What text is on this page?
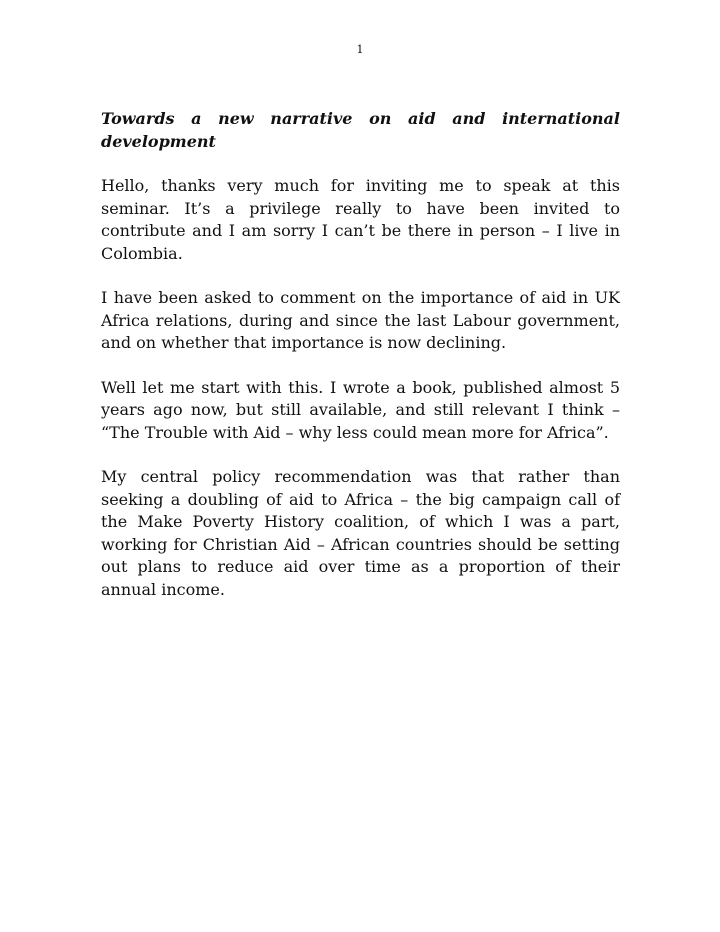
1

Towards a new narrative on aid and international development

Hello, thanks very much for inviting me to speak at this seminar. It’s a privilege really to have been invited to contribute and I am sorry I can’t be there in person – I live in Colombia.

I have been asked to comment on the importance of aid in UK Africa relations, during and since the last Labour government, and on whether that importance is now declining.

Well let me start with this. I wrote a book, published almost 5 years ago now, but still available, and still relevant I think – “The Trouble with Aid – why less could mean more for Africa”.

My central policy recommendation was that rather than seeking a doubling of aid to Africa – the big campaign call of the Make Poverty History coalition, of which I was a part, working for Christian Aid – African countries should be setting out plans to reduce aid over time as a proportion of their annual income.
